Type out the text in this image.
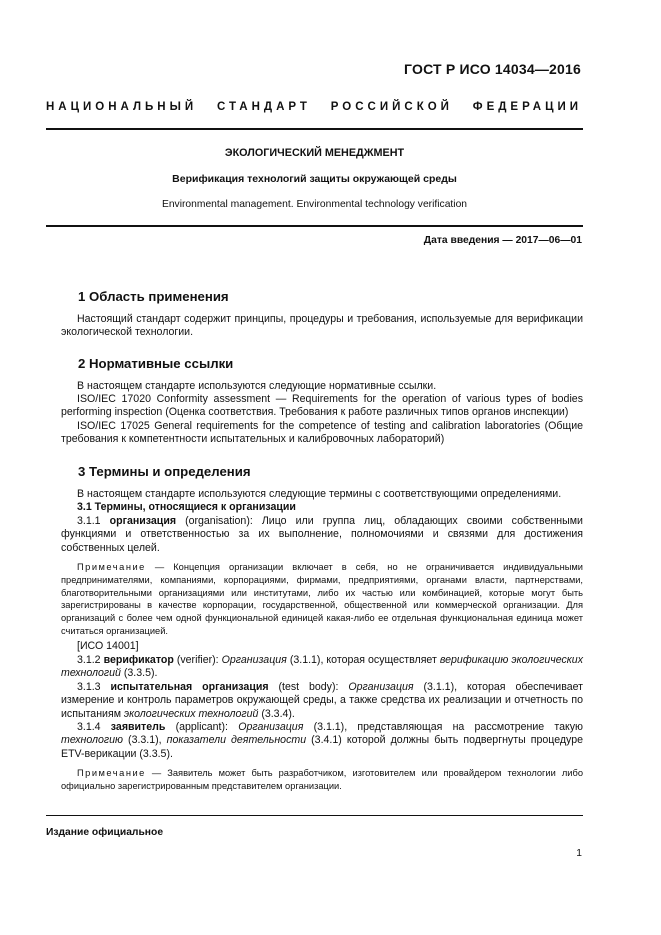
ГОСТ Р ИСО 14034—2016
НАЦИОНАЛЬНЫЙ СТАНДАРТ РОССИЙСКОЙ ФЕДЕРАЦИИ
ЭКОЛОГИЧЕСКИЙ МЕНЕДЖМЕНТ
Верификация технологий защиты окружающей среды
Environmental management. Environmental technology verification
Дата введения — 2017—06—01
1 Область применения
Настоящий стандарт содержит принципы, процедуры и требования, используемые для верификации экологической технологии.
2 Нормативные ссылки
В настоящем стандарте используются следующие нормативные ссылки.
ISO/IEC 17020 Conformity assessment — Requirements for the operation of various types of bodies performing inspection (Оценка соответствия. Требования к работе различных типов органов инспекции)
ISO/IEC 17025 General requirements for the competence of testing and calibration laboratories (Общие требования к компетентности испытательных и калибровочных лабораторий)
3 Термины и определения
В настоящем стандарте используются следующие термины с соответствующими определениями.
3.1 Термины, относящиеся к организации
3.1.1 организация (organisation): Лицо или группа лиц, обладающих своими собственными функциями и ответственностью за их выполнение, полномочиями и связями для достижения собственных целей.
Примечание — Концепция организации включает в себя, но не ограничивается индивидуальными предпринимателями, компаниями, корпорациями, фирмами, предприятиями, органами власти, партнерствами, благотворительными организациями или институтами, либо их частью или комбинацией, которые могут быть зарегистрированы в качестве корпорации, государственной, общественной или коммерческой организации. Для организаций с более чем одной функциональной единицей какая-либо ее отдельная функциональная единица может считаться организацией.
[ИСО 14001]
3.1.2 верификатор (verifier): Организация (3.1.1), которая осуществляет верификацию экологических технологий (3.3.5).
3.1.3 испытательная организация (test body): Организация (3.1.1), которая обеспечивает измерение и контроль параметров окружающей среды, а также средства их реализации и отчетность по испытаниям экологических технологий (3.3.4).
3.1.4 заявитель (applicant): Организация (3.1.1), представляющая на рассмотрение такую технологию (3.3.1), показатели деятельности (3.4.1) которой должны быть подвергнуты процедуре ETV-верикации (3.3.5).
Примечание — Заявитель может быть разработчиком, изготовителем или провайдером технологии либо официально зарегистрированным представителем организации.
Издание официальное
1
